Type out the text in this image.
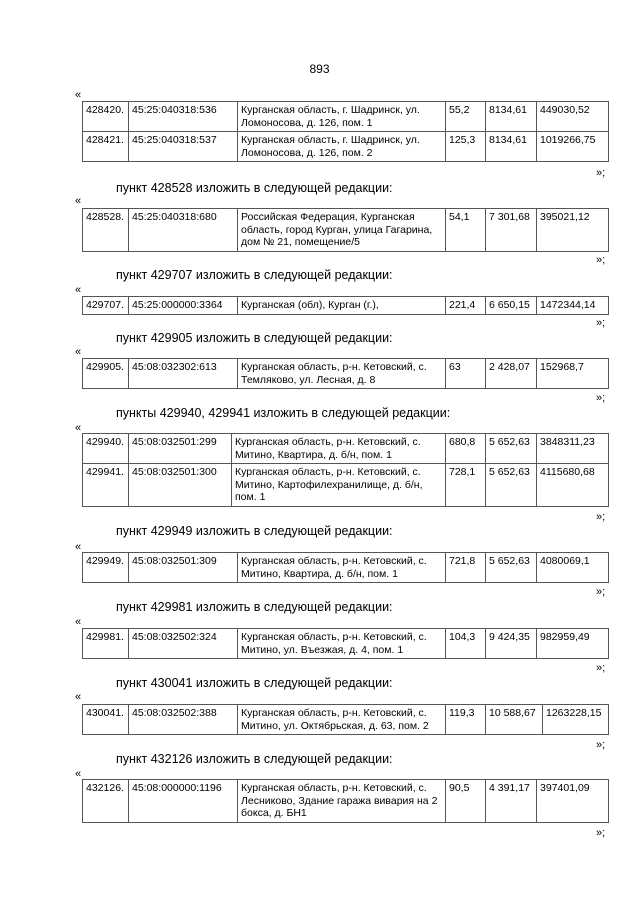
893
«
428420.	45:25:040318:536	Курганская область, г. Шадринск, ул. Ломоносова, д. 126, пом. 1	55,2	8134,61	449030,52
428421.	45:25:040318:537	Курганская область, г. Шадринск, ул. Ломоносова, д. 126, пом. 2	125,3	8134,61	1019266,75
»;
пункт 428528 изложить в следующей редакции:
«
428528.	45:25:040318:680	Российская Федерация, Курганская область, город Курган, улица Гагарина, дом № 21, помещение/5	54,1	7 301,68	395021,12
»;
пункт 429707 изложить в следующей редакции:
«
429707.	45:25:000000:3364	Курганская (обл), Курган (г.),	221,4	6 650,15	1472344,14
»;
пункт 429905 изложить в следующей редакции:
«
429905.	45:08:032302:613	Курганская область, р-н. Кетовский, с. Темляково, ул. Лесная, д. 8	63	2 428,07	152968,7
»;
пункты 429940, 429941 изложить в следующей редакции:
«
429940.	45:08:032501:299	Курганская область, р-н. Кетовский, с. Митино, Квартира, д. б/н, пом. 1	680,8	5 652,63	3848311,23
429941.	45:08:032501:300	Курганская область, р-н. Кетовский, с. Митино, Картофилехранилище, д. б/н, пом. 1	728,1	5 652,63	4115680,68
»;
пункт 429949 изложить в следующей редакции:
«
429949.	45:08:032501:309	Курганская область, р-н. Кетовский, с. Митино, Квартира, д. б/н, пом. 1	721,8	5 652,63	4080069,1
»;
пункт 429981 изложить в следующей редакции:
«
429981.	45:08:032502:324	Курганская область, р-н. Кетовский, с. Митино, ул. Въезжая, д. 4, пом. 1	104,3	9 424,35	982959,49
»;
пункт 430041 изложить в следующей редакции:
«
430041.	45:08:032502:388	Курганская область, р-н. Кетовский, с. Митино, ул. Октябрьская, д. 63, пом. 2	119,3	10 588,67	1263228,15
»;
пункт 432126 изложить в следующей редакции:
«
432126.	45:08:000000:1196	Курганская область, р-н. Кетовский, с. Лесниково, Здание гаража вивария на 2 бокса, д. БН1	90,5	4 391,17	397401,09
»;
